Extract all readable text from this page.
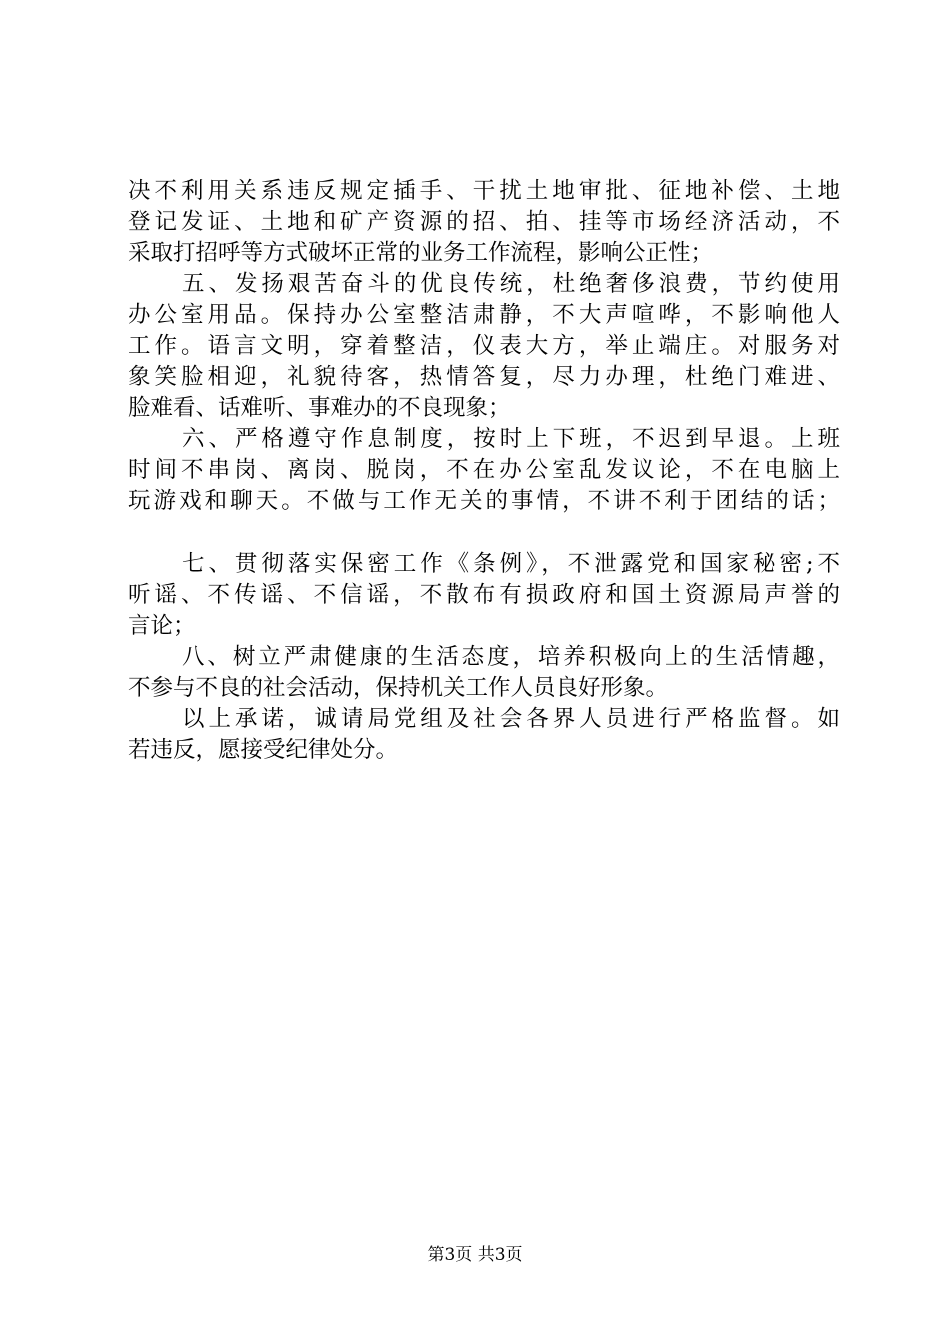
决不利用关系违反规定插手、干扰土地审批、征地补偿、土地
登记发证、土地和矿产资源的招、拍、挂等市场经济活动，不
采取打招呼等方式破坏正常的业务工作流程，影响公正性；
五、发扬艰苦奋斗的优良传统，杜绝奢侈浪费，节约使用
办公室用品。保持办公室整洁肃静，不大声喧哗，不影响他人
工作。语言文明，穿着整洁，仪表大方，举止端庄。对服务对
象笑脸相迎，礼貌待客，热情答复，尽力办理，杜绝门难进、
脸难看、话难听、事难办的不良现象；
六、严格遵守作息制度，按时上下班，不迟到早退。上班
时间不串岗、离岗、脱岗，不在办公室乱发议论，不在电脑上
玩游戏和聊天。不做与工作无关的事情，不讲不利于团结的话；
七、贯彻落实保密工作《条例》，不泄露党和国家秘密;不
听谣、不传谣、不信谣，不散布有损政府和国土资源局声誉的
言论；
八、树立严肃健康的生活态度，培养积极向上的生活情趣，
不参与不良的社会活动，保持机关工作人员良好形象。
以上承诺，诚请局党组及社会各界人员进行严格监督。如
若违反，愿接受纪律处分。
第3页 共3页
